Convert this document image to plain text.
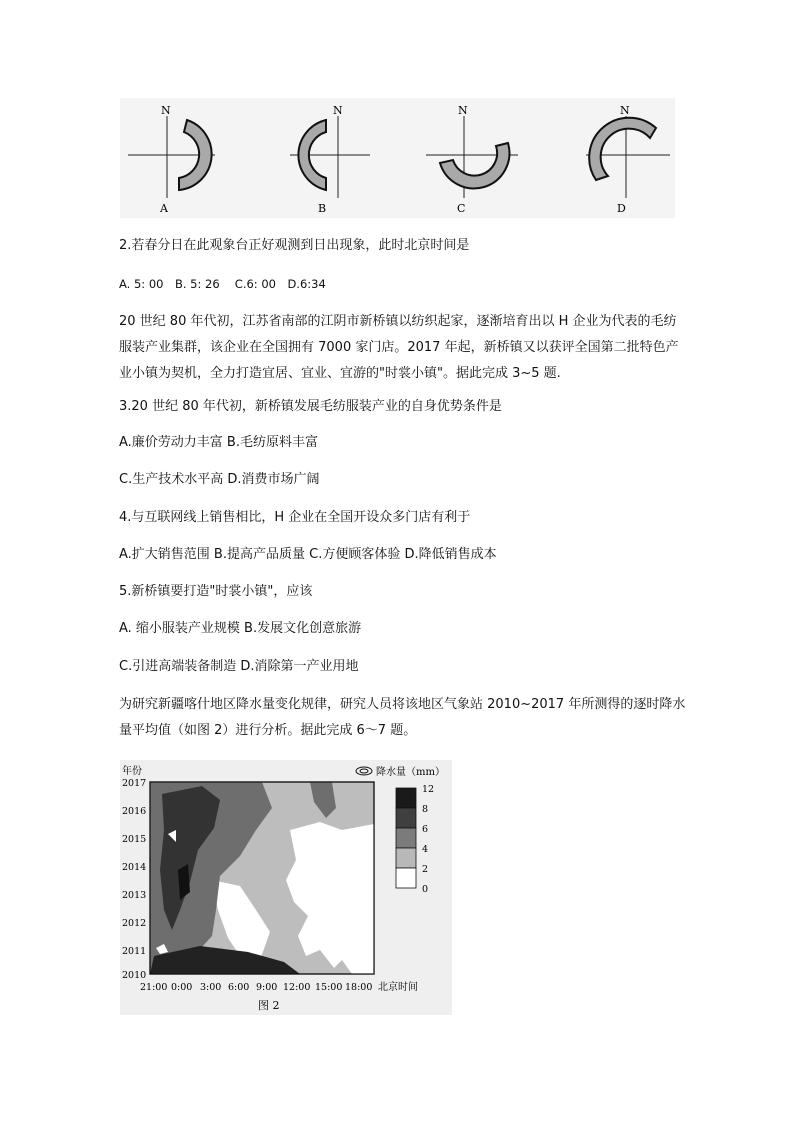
N
A
N
B
N
C
N
D
2.若春分日在此观象台正好观测到日出现象，此时北京时间是
A. 5: 00　B. 5: 26　 C.6: 00　D.6:34
20 世纪 80 年代初，江苏省南部的江阴市新桥镇以纺织起家，逐渐培育出以 H 企业为代表的毛纺服装产业集群，该企业在全国拥有 7000 家门店。2017 年起，新桥镇又以获评全国第二批特色产业小镇为契机，全力打造宜居、宜业、宜游的"时裳小镇"。据此完成 3~5 题.
3.20 世纪 80 年代初，新桥镇发展毛纺服装产业的自身优势条件是
A.廉价劳动力丰富 B.毛纺原料丰富
C.生产技术水平高 D.消费市场广阔
4.与互联网线上销售相比，H 企业在全国开设众多门店有利于
A.扩大销售范围 B.提高产品质量 C.方便顾客体验 D.降低销售成本
5.新桥镇要打造"时裳小镇"，应该
A. 缩小服装产业规模 B.发展文化创意旅游
C.引进高端装备制造 D.消除第一产业用地
为研究新疆喀什地区降水量变化规律，研究人员将该地区气象站 2010~2017 年所测得的逐时降水量平均值（如图 2）进行分析。据此完成 6～7 题。
年份
2017
2016
2015
2014
2013
2012
2011
2010
21:00 0:00 3:00 6:00 9:00 12:00 15:00 18:00 北京时间
降水量（mm）
12
8
6
4
2
0
图 2
